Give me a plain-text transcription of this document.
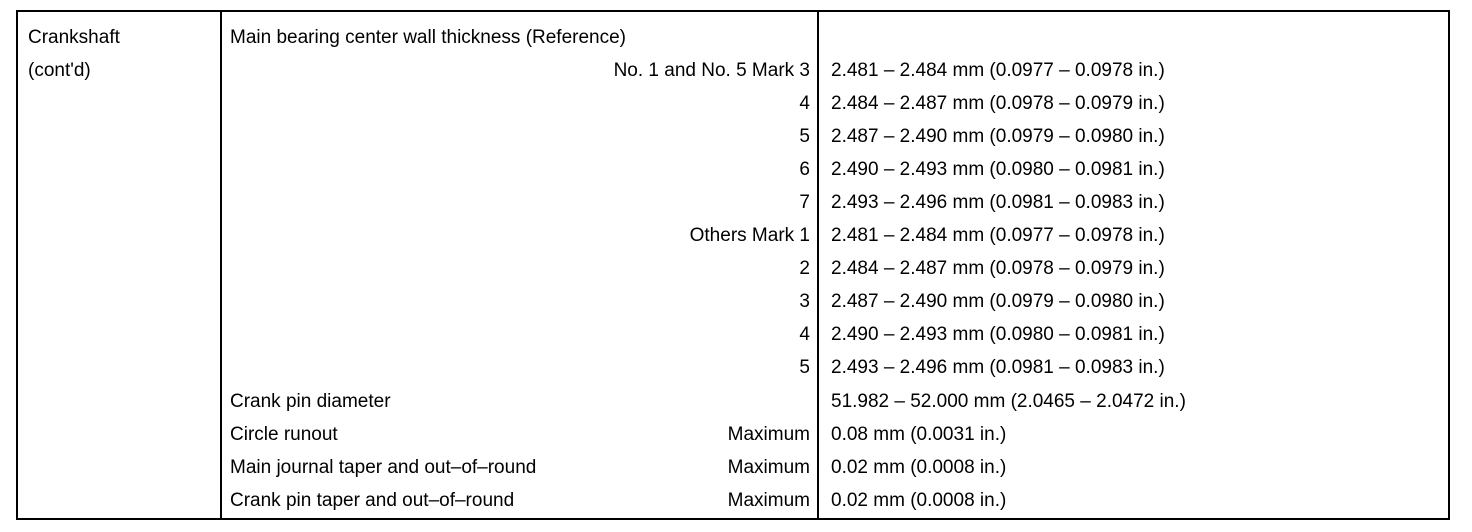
Crankshaft
(cont'd)
Main bearing center wall thickness (Reference)
No. 1 and No. 5 Mark 3 2.481 – 2.484 mm (0.0977 – 0.0978 in.)
4 2.484 – 2.487 mm (0.0978 – 0.0979 in.)
5 2.487 – 2.490 mm (0.0979 – 0.0980 in.)
6 2.490 – 2.493 mm (0.0980 – 0.0981 in.)
7 2.493 – 2.496 mm (0.0981 – 0.0983 in.)
Others Mark 1 2.481 – 2.484 mm (0.0977 – 0.0978 in.)
2 2.484 – 2.487 mm (0.0978 – 0.0979 in.)
3 2.487 – 2.490 mm (0.0979 – 0.0980 in.)
4 2.490 – 2.493 mm (0.0980 – 0.0981 in.)
5 2.493 – 2.496 mm (0.0981 – 0.0983 in.)
Crank pin diameter	51.982 – 52.000 mm (2.0465 – 2.0472 in.)
Circle runout	Maximum 0.08 mm (0.0031 in.)
Main journal taper and out–of–round	Maximum 0.02 mm (0.0008 in.)
Crank pin taper and out–of–round	Maximum 0.02 mm (0.0008 in.)
